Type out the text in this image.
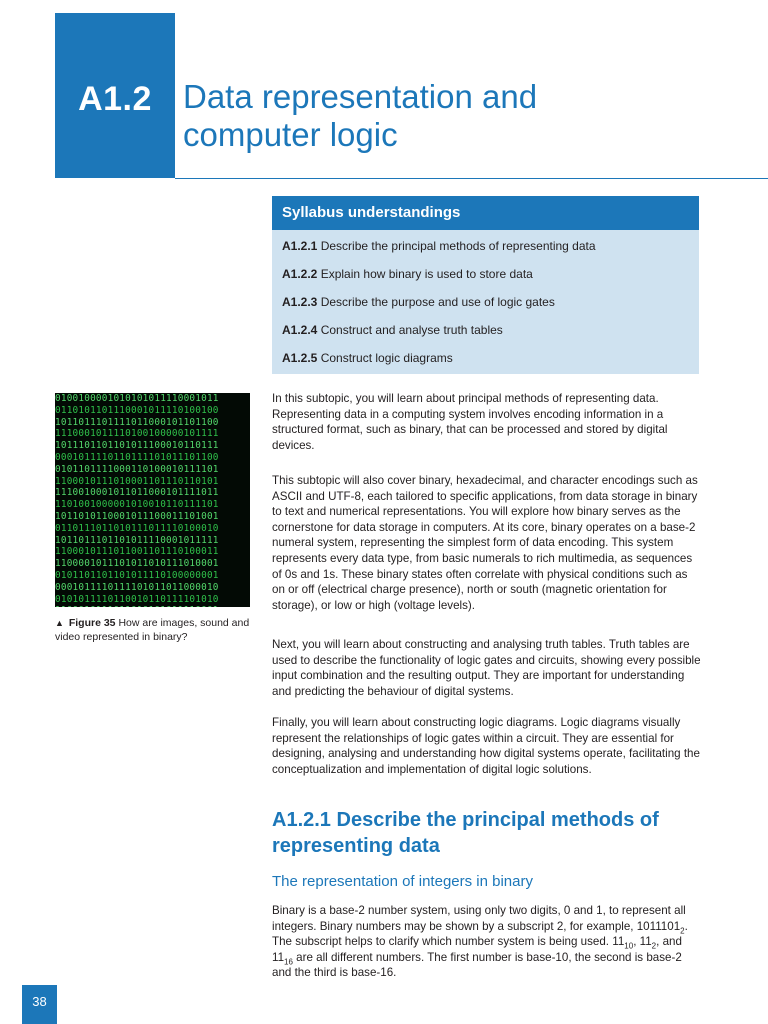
A1.2 Data representation and
computer logic
Syllabus understandings
A1.2.1 Describe the principal methods of representing data
A1.2.2 Explain how binary is used to store data
A1.2.3 Describe the purpose and use of logic gates
A1.2.4 Construct and analyse truth tables
A1.2.5 Construct logic diagrams
0100100001010101011110001011
0110101101110001011110100100
1011011101111011000101101100
1110001011110100100000101111
1011101101101011100010110111
0001011110110111101011101100
0101101111000110100010111101
1100010111010001101110110101
1110010001011011000101111011
1101001000001010010110111101
1011010110001011100011101001
0110111011010111011110100010
1011011101101011110001011111
1100010111011001101110100011
1100001011101011010111010001
0101101101101011110100000001
0001011110111101011011000010
0101011110110010110111101010
▲ Figure 35 How are images, sound and video represented in binary?

In this subtopic, you will learn about principal methods of representing data. Representing data in a computing system involves encoding information in a structured format, such as binary, that can be processed and stored by digital devices.

This subtopic will also cover binary, hexadecimal, and character encodings such as ASCII and UTF-8, each tailored to specific applications, from data storage in binary to text and numerical representations. You will explore how binary serves as the cornerstone for data storage in computers. At its core, binary operates on a base-2 numeral system, representing the simplest form of data encoding. This system represents every data type, from basic numerals to rich multimedia, as sequences of 0s and 1s. These binary states often correlate with physical conditions such as on or off (electrical charge presence), north or south (magnetic orientation for storage), or low or high (voltage levels).

Next, you will learn about constructing and analysing truth tables. Truth tables are used to describe the functionality of logic gates and circuits, showing every possible input combination and the resulting output. They are important for understanding and predicting the behaviour of digital systems.

Finally, you will learn about constructing logic diagrams. Logic diagrams visually represent the relationships of logic gates within a circuit. They are essential for designing, analysing and understanding how digital systems operate, facilitating the conceptualization and implementation of digital logic solutions.

A1.2.1 Describe the principal methods of representing data
The representation of integers in binary

Binary is a base-2 number system, using only two digits, 0 and 1, to represent all integers. Binary numbers may be shown by a subscript 2, for example, $1011101_2$. The subscript helps to clarify which number system is being used. $11_{10}$, $11_2$, and $11_{16}$ are all different numbers. The first number is base-10, the second is base-2 and the third is base-16.

38
